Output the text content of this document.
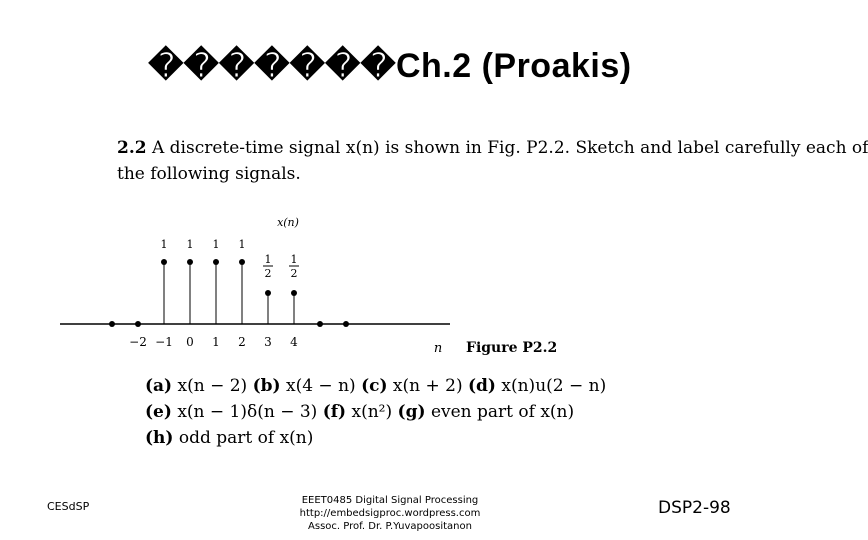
�������Ch.2 (Proakis)
2.2 A discrete-time signal x(n) is shown in Fig. P2.2. Sketch and label carefully each of
the following signals.
x(n)
1 1 1 1
1
2
1
2
−2 −1 0 1 2 3 4	n Figure P2.2
(a) x(n − 2) (b) x(4 − n) (c) x(n + 2) (d) x(n)u(2 − n)
(e) x(n − 1)δ(n − 3) (f) x(n²) (g) even part of x(n)
(h) odd part of x(n)
CESdSP	EEET0485 Digital Signal Processing
http://embedsigproc.wordpress.com
Assoc. Prof. Dr. P.Yuvapoositanon
DSP2-98
